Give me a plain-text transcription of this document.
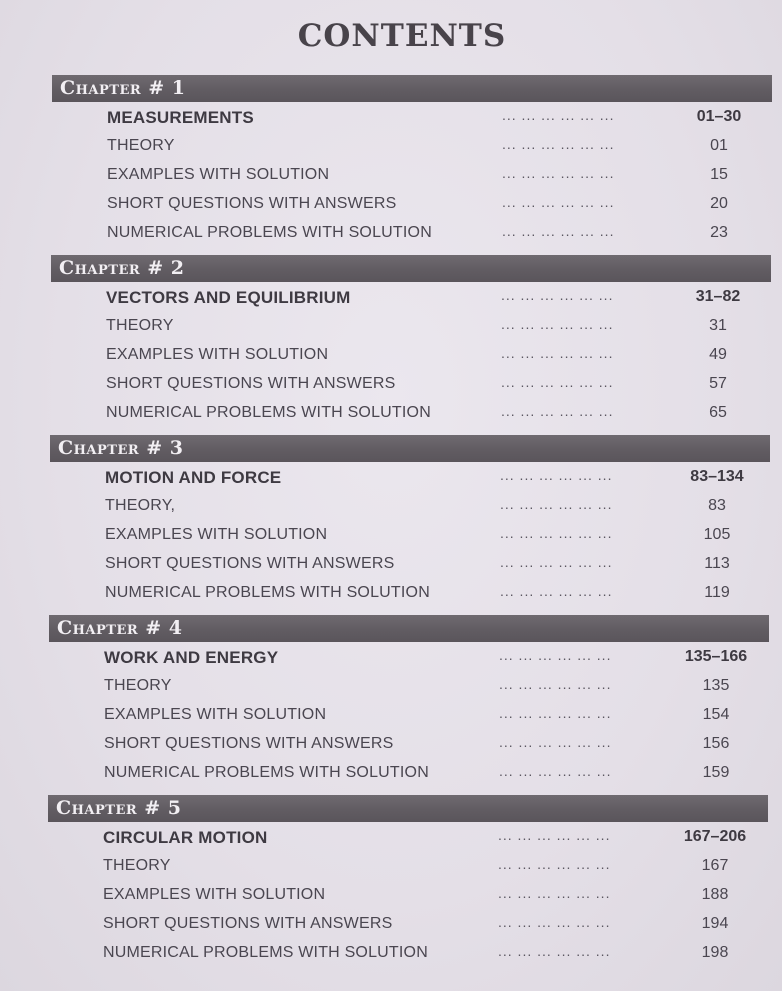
CONTENTS
Chapter # 1
MEASUREMENTS	... ... ... ... ... ...	01–30
THEORY	... ... ... ... ... ...	01
EXAMPLES WITH SOLUTION	... ... ... ... ... ...	15
SHORT QUESTIONS WITH ANSWERS	... ... ... ... ... ...	20
NUMERICAL PROBLEMS WITH SOLUTION	... ... ... ... ... ...	23
Chapter # 2
VECTORS AND EQUILIBRIUM	... ... ... ... ... ...	31–82
THEORY	... ... ... ... ... ...	31
EXAMPLES WITH SOLUTION	... ... ... ... ... ...	49
SHORT QUESTIONS WITH ANSWERS	... ... ... ... ... ...	57
NUMERICAL PROBLEMS WITH SOLUTION	... ... ... ... ... ...	65
Chapter # 3
MOTION AND FORCE	... ... ... ... ... ...	83–134
THEORY,	... ... ... ... ... ...	83
EXAMPLES WITH SOLUTION	... ... ... ... ... ...	105
SHORT QUESTIONS WITH ANSWERS	... ... ... ... ... ...	113
NUMERICAL PROBLEMS WITH SOLUTION	... ... ... ... ... ...	119
Chapter # 4
WORK AND ENERGY	... ... ... ... ... ...	135–166
THEORY	... ... ... ... ... ...	135
EXAMPLES WITH SOLUTION	... ... ... ... ... ...	154
SHORT QUESTIONS WITH ANSWERS	... ... ... ... ... ...	156
NUMERICAL PROBLEMS WITH SOLUTION	... ... ... ... ... ...	159
Chapter # 5
CIRCULAR MOTION	... ... ... ... ... ...	167–206
THEORY	... ... ... ... ... ...	167
EXAMPLES WITH SOLUTION	... ... ... ... ... ...	188
SHORT QUESTIONS WITH ANSWERS	... ... ... ... ... ...	194
NUMERICAL PROBLEMS WITH SOLUTION	... ... ... ... ... ...	198
